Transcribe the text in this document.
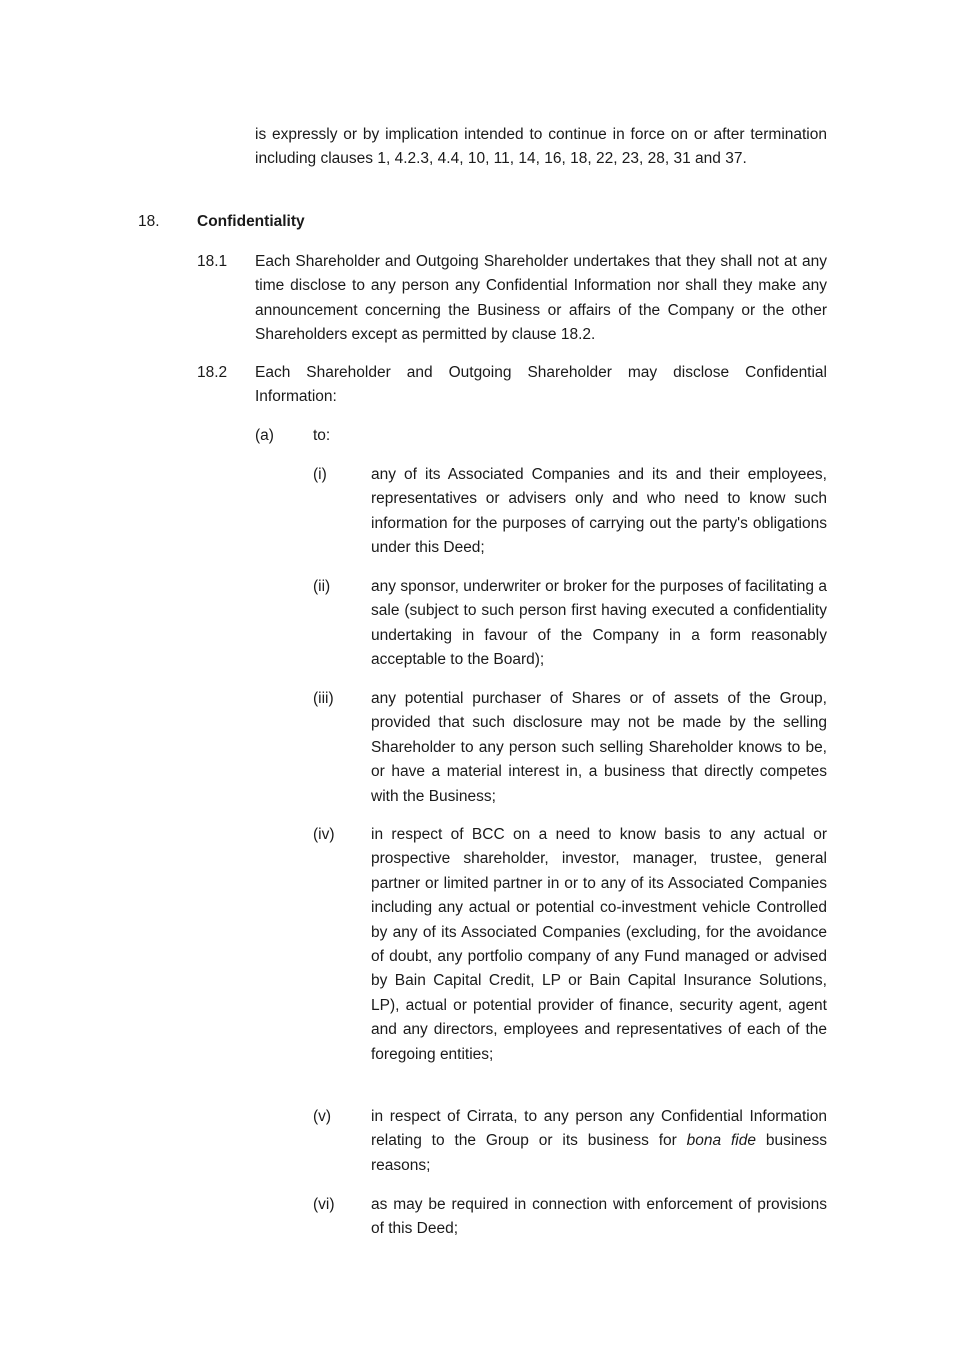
is expressly or by implication intended to continue in force on or after termination including clauses 1, 4.2.3, 4.4, 10, 11, 14, 16, 18, 22, 23, 28, 31 and 37.
18. Confidentiality
18.1 Each Shareholder and Outgoing Shareholder undertakes that they shall not at any time disclose to any person any Confidential Information nor shall they make any announcement concerning the Business or affairs of the Company or the other Shareholders except as permitted by clause 18.2.
18.2 Each Shareholder and Outgoing Shareholder may disclose Confidential Information:
(a)	to:
(i)	any of its Associated Companies and its and their employees, representatives or advisers only and who need to know such information for the purposes of carrying out the party's obligations under this Deed;
(ii)	any sponsor, underwriter or broker for the purposes of facilitating a sale (subject to such person first having executed a confidentiality undertaking in favour of the Company in a form reasonably acceptable to the Board);
(iii) any potential purchaser of Shares or of assets of the Group, provided that such disclosure may not be made by the selling Shareholder to any person such selling Shareholder knows to be, or have a material interest in, a business that directly competes with the Business;
(iv) in respect of BCC on a need to know basis to any actual or prospective shareholder, investor, manager, trustee, general partner or limited partner in or to any of its Associated Companies including any actual or potential co-investment vehicle Controlled by any of its Associated Companies (excluding, for the avoidance of doubt, any portfolio company of any Fund managed or advised by Bain Capital Credit, LP or Bain Capital Insurance Solutions, LP), actual or potential provider of finance, security agent, agent and any directors, employees and representatives of each of the foregoing entities;
(v)	in respect of Cirrata, to any person any Confidential Information relating to the Group or its business for bona fide business reasons;
(vi) as may be required in connection with enforcement of provisions of this Deed;
